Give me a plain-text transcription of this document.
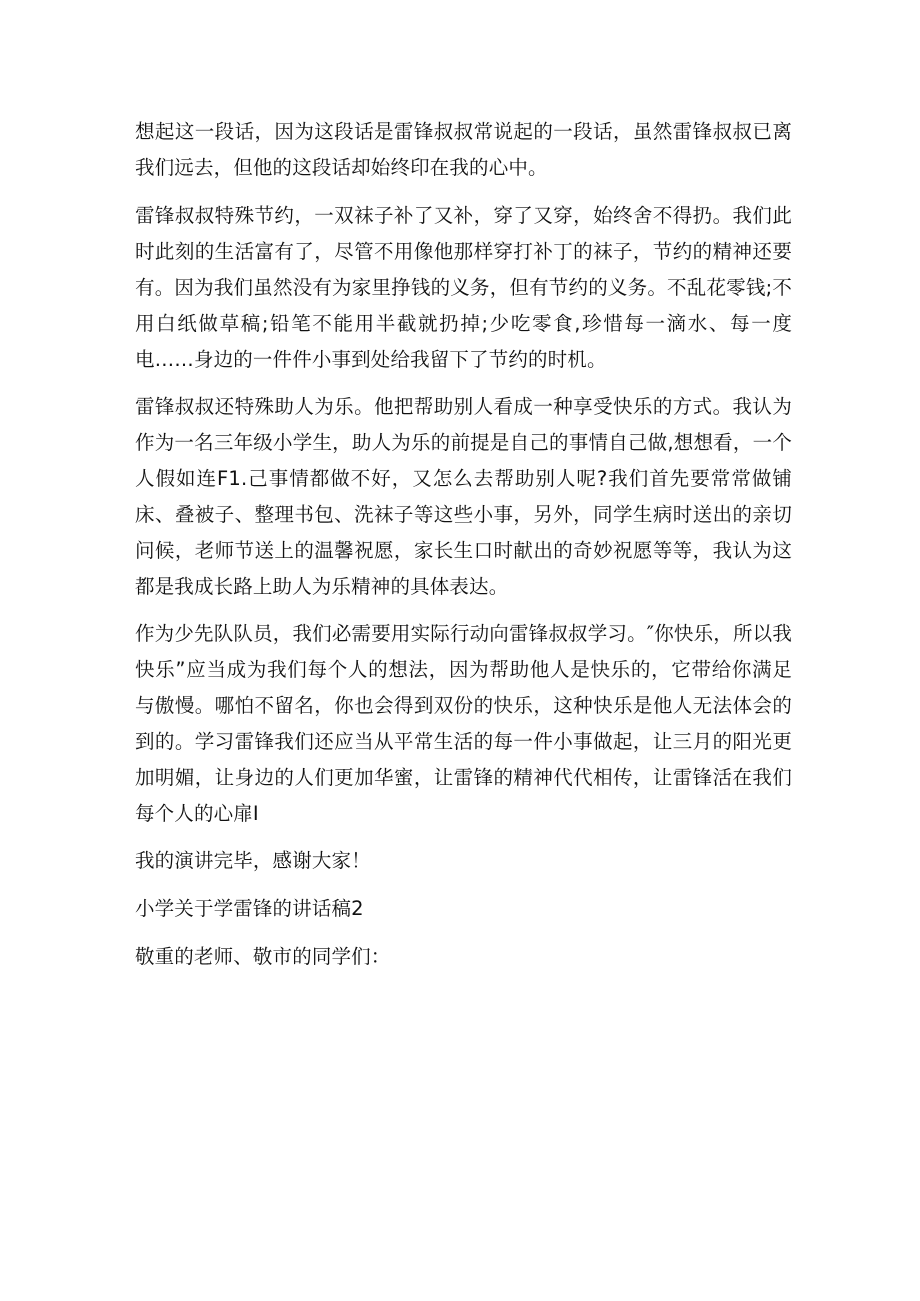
想起这一段话，因为这段话是雷锋叔叔常说起的一段话，虽然雷锋叔叔已离我们远去，但他的这段话却始终印在我的心中。

雷锋叔叔特殊节约，一双袜子补了又补，穿了又穿，始终舍不得扔。我们此时此刻的生活富有了，尽管不用像他那样穿打补丁的袜子，节约的精神还要有。因为我们虽然没有为家里挣钱的义务，但有节约的义务。不乱花零钱;不用白纸做草稿;铅笔不能用半截就扔掉;少吃零食,珍惜每一滴水、每一度电……身边的一件件小事到处给我留下了节约的时机。

雷锋叔叔还特殊助人为乐。他把帮助别人看成一种享受快乐的方式。我认为作为一名三年级小学生，助人为乐的前提是自己的事情自己做,想想看，一个人假如连F1.己事情都做不好，又怎么去帮助别人呢?我们首先要常常做铺床、叠被子、整理书包、洗袜子等这些小事，另外，同学生病时送出的亲切问候，老师节送上的温馨祝愿，家长生口时献出的奇妙祝愿等等，我认为这都是我成长路上助人为乐精神的具体表达。

作为少先队队员，我们必需要用实际行动向雷锋叔叔学习。″你快乐，所以我快乐”应当成为我们每个人的想法，因为帮助他人是快乐的，它带给你满足与傲慢。哪怕不留名，你也会得到双份的快乐，这种快乐是他人无法体会的到的。学习雷锋我们还应当从平常生活的每一件小事做起，让三月的阳光更加明媚，让身边的人们更加华蜜，让雷锋的精神代代相传，让雷锋活在我们每个人的心扉I

我的演讲完毕，感谢大家！

小学关于学雷锋的讲话稿2

敬重的老师、敬市的同学们：
